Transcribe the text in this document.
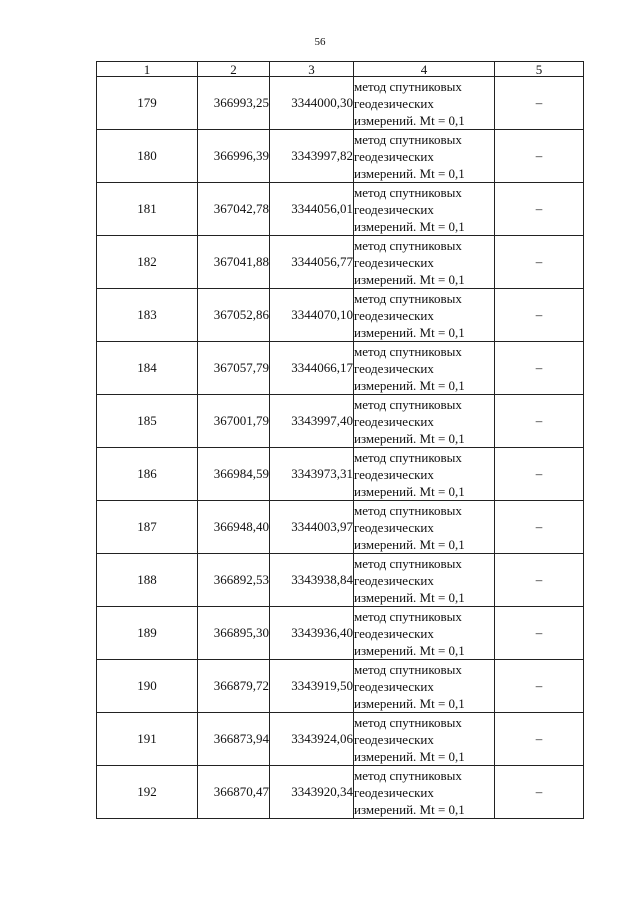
56
1	2	3	4	5
179	366993,25	3344000,30	метод спутниковых
геодезических
измерений. Mt = 0,1	–
180	366996,39	3343997,82	метод спутниковых
геодезических
измерений. Mt = 0,1	–
181	367042,78	3344056,01	метод спутниковых
геодезических
измерений. Mt = 0,1	–
182	367041,88	3344056,77	метод спутниковых
геодезических
измерений. Mt = 0,1	–
183	367052,86	3344070,10	метод спутниковых
геодезических
измерений. Mt = 0,1	–
184	367057,79	3344066,17	метод спутниковых
геодезических
измерений. Mt = 0,1	–
185	367001,79	3343997,40	метод спутниковых
геодезических
измерений. Mt = 0,1	–
186	366984,59	3343973,31	метод спутниковых
геодезических
измерений. Mt = 0,1	–
187	366948,40	3344003,97	метод спутниковых
геодезических
измерений. Mt = 0,1	–
188	366892,53	3343938,84	метод спутниковых
геодезических
измерений. Mt = 0,1	–
189	366895,30	3343936,40	метод спутниковых
геодезических
измерений. Mt = 0,1	–
190	366879,72	3343919,50	метод спутниковых
геодезических
измерений. Mt = 0,1	–
191	366873,94	3343924,06	метод спутниковых
геодезических
измерений. Mt = 0,1	–
192	366870,47	3343920,34	метод спутниковых
геодезических
измерений. Mt = 0,1	–
